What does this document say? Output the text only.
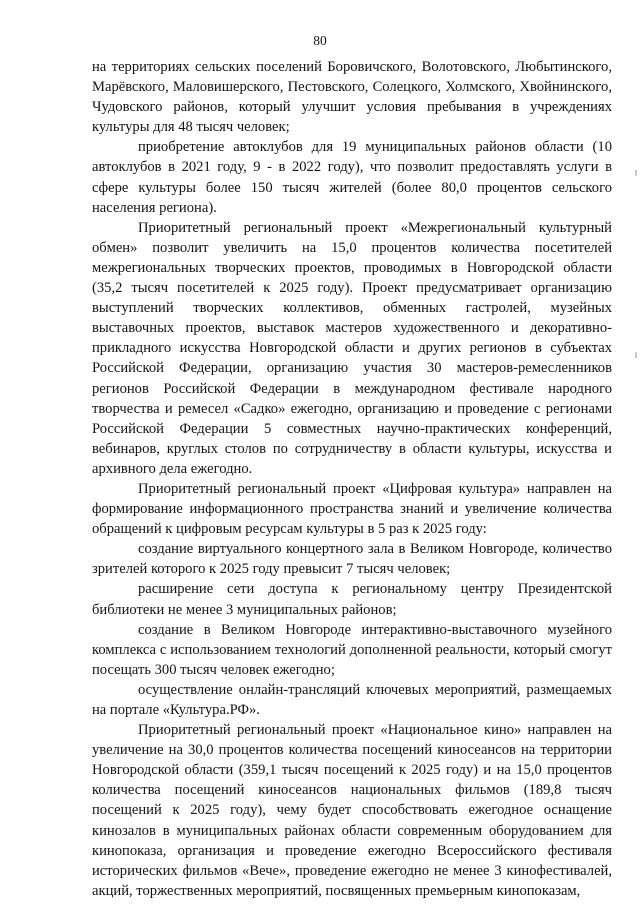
80

на территориях сельских поселений Боровичского, Волотовского, Любытинского, Марёвского, Маловишерского, Пестовского, Солецкого, Холмского, Хвойнинского, Чудовского районов, который улучшит условия пребывания в учреждениях культуры для 48 тысяч человек;

приобретение автоклубов для 19 муниципальных районов области (10 автоклубов в 2021 году, 9 - в 2022 году), что позволит предоставлять услуги в сфере культуры более 150 тысяч жителей (более 80,0 процентов сельского населения региона).

Приоритетный региональный проект «Межрегиональный культурный обмен» позволит увеличить на 15,0 процентов количества посетителей межрегиональных творческих проектов, проводимых в Новгородской области (35,2 тысяч посетителей к 2025 году). Проект предусматривает организацию выступлений творческих коллективов, обменных гастролей, музейных выставочных проектов, выставок мастеров художественного и декоративно-прикладного искусства Новгородской области и других регионов в субъектах Российской Федерации, организацию участия 30 мастеров-ремесленников регионов Российской Федерации в международном фестивале народного творчества и ремесел «Садко» ежегодно, организацию и проведение с регионами Российской Федерации 5 совместных научно-практических конференций, вебинаров, круглых столов по сотрудничеству в области культуры, искусства и архивного дела ежегодно.

Приоритетный региональный проект «Цифровая культура» направлен на формирование информационного пространства знаний и увеличение количества обращений к цифровым ресурсам культуры в 5 раз к 2025 году:

создание виртуального концертного зала в Великом Новгороде, количество зрителей которого к 2025 году превысит 7 тысяч человек;

расширение сети доступа к региональному центру Президентской библиотеки не менее 3 муниципальных районов;

создание в Великом Новгороде интерактивно-выставочного музейного комплекса с использованием технологий дополненной реальности, который смогут посещать 300 тысяч человек ежегодно;

осуществление онлайн-трансляций ключевых мероприятий, размещаемых на портале «Культура.РФ».

Приоритетный региональный проект «Национальное кино» направлен на увеличение на 30,0 процентов количества посещений киносеансов на территории Новгородской области (359,1 тысяч посещений к 2025 году) и на 15,0 процентов количества посещений киносеансов национальных фильмов (189,8 тысяч посещений к 2025 году), чему будет способствовать ежегодное оснащение кинозалов в муниципальных районах области современным оборудованием для кинопоказа, организация и проведение ежегодно Всероссийского фестиваля исторических фильмов «Вече», проведение ежегодно не менее 3 кинофестивалей, акций, торжественных мероприятий, посвященных премьерным кинопоказам,
